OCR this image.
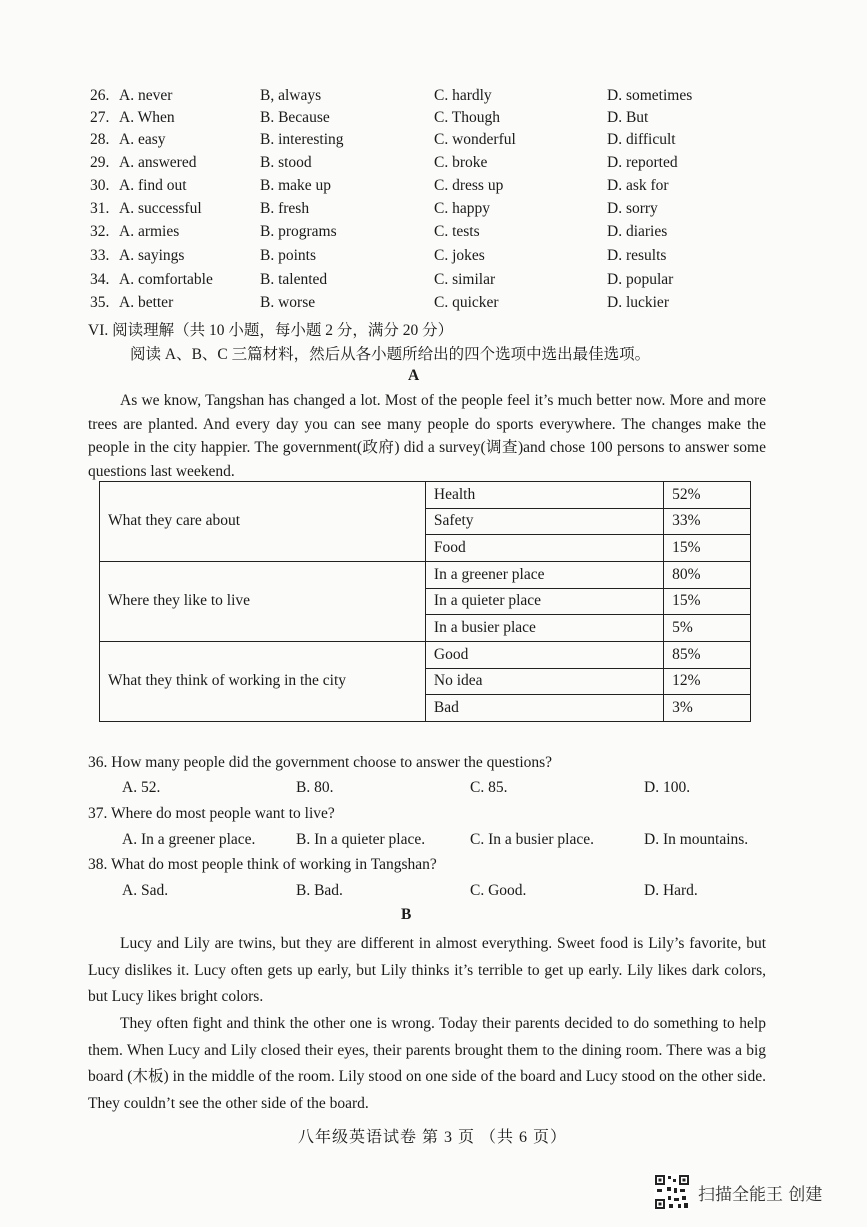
26. A. never	B, always	C. hardly	D. sometimes
27. A. When	B. Because	C. Though	D. But
28. A. easy	B. interesting	C. wonderful	D. difficult
29. A. answered	B. stood	C. broke	D. reported
30. A. find out	B. make up	C. dress up	D. ask for
31. A. successful	B. fresh	C. happy	D. sorry
32. A. armies	B. programs	C. tests	D. diaries
33. A. sayings	B. points	C. jokes	D. results
34. A. comfortable	B. talented	C. similar	D. popular
35. A. better	B. worse	C. quicker	D. luckier
VI. 阅读理解（共 10 小题，每小题 2 分，满分 20 分）
阅读 A、B、C 三篇材料，然后从各小题所给出的四个选项中选出最佳选项。
A
As we know, Tangshan has changed a lot. Most of the people feel it’s much better now. More and more trees are planted. And every day you can see many people do sports everywhere. The changes make the people in the city happier. The government(政府) did a survey(调查)and chose 100 persons to answer some questions last weekend.
What they care about	Health	52%
	Safety	33%
	Food	15%
Where they like to live	In a greener place	80%
	In a quieter place	15%
	In a busier place	5%
What they think of working in the city	Good	85%
	No idea	12%
	Bad	3%
36. How many people did the government choose to answer the questions?
A. 52.	B. 80.	C. 85.	D. 100.
37. Where do most people want to live?
A. In a greener place.	B. In a quieter place.	C. In a busier place.	D. In mountains.
38. What do most people think of working in Tangshan?
A. Sad.	B. Bad.	C. Good.	D. Hard.
B
Lucy and Lily are twins, but they are different in almost everything. Sweet food is Lily’s favorite, but Lucy dislikes it. Lucy often gets up early, but Lily thinks it’s terrible to get up early. Lily likes dark colors, but Lucy likes bright colors.
They often fight and think the other one is wrong. Today their parents decided to do something to help them. When Lucy and Lily closed their eyes, their parents brought them to the dining room. There was a big board (木板) in the middle of the room. Lily stood on one side of the board and Lucy stood on the other side. They couldn’t see the other side of the board.
八年级英语试卷 第 3 页 （共 6 页）
扫描全能王 创建
